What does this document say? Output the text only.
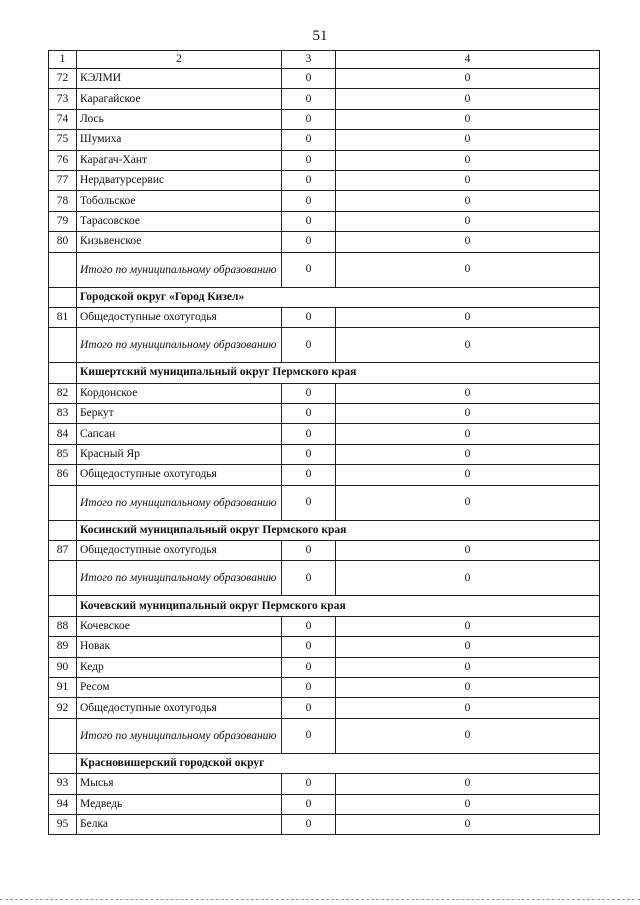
51
1	2	3	4
72	КЭЛМИ	0	0
73	Карагайское	0	0
74	Лось	0	0
75	Шумиха	0	0
76	Карагач-Хант	0	0
77	Нердватурсервис	0	0
78	Тобольское	0	0
79	Тарасовское	0	0
80	Кизьвенское	0	0
	Итого по муниципальному образованию	0	0
	Городской округ «Город Кизел»		
81	Общедоступные охотугодья	0	0
	Итого по муниципальному образованию	0	0
	Кишертский муниципальный округ Пермского края		
82	Кордонское	0	0
83	Беркут	0	0
84	Сапсан	0	0
85	Красный Яр	0	0
86	Общедоступные охотугодья	0	0
	Итого по муниципальному образованию	0	0
	Косинский муниципальный округ Пермского края		
87	Общедоступные охотугодья	0	0
	Итого по муниципальному образованию	0	0
	Кочевский муниципальный округ Пермского края		
88	Кочевское	0	0
89	Новак	0	0
90	Кедр	0	0
91	Ресом	0	0
92	Общедоступные охотугодья	0	0
	Итого по муниципальному образованию	0	0
	Красновишерский городской округ		
93	Мысья	0	0
94	Медведь	0	0
95	Белка	0	0
